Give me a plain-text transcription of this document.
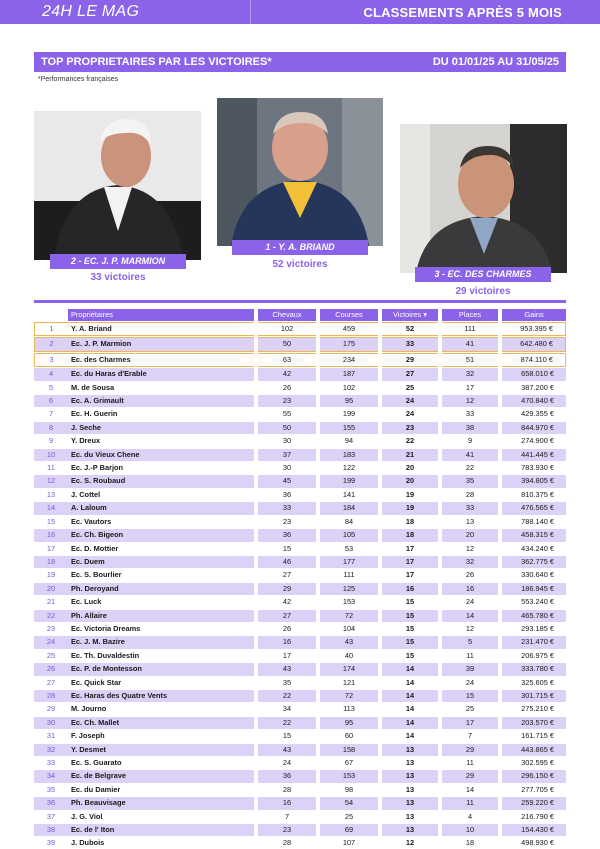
24H LE MAG	CLASSEMENTS APRÈS 5 MOIS
TOP PROPRIETAIRES PAR LES VICTOIRES*	DU 01/01/25 AU 31/05/25
*Performances françaises
2 - EC. J. P. MARMION
33 victoires
1 - Y. A. BRIAND
52 victoires
3 - EC. DES CHARMES
29 victoires
	Propriétaires		Chevaux		Courses		Victoires ▾		Places		Gains
1	Y. A. Briand		102		459		52		111		953.395 €
2	Ec. J. P. Marmion		50		175		33		41		642.480 €
3	Ec. des Charmes		63		234		29		51		874.110 €
4	Ec. du Haras d'Erable		42		187		27		32		658.010 €
5	M. de Sousa		26		102		25		17		387.200 €
6	Ec. A. Grimault		23		95		24		12		470.840 €
7	Ec. H. Guerin		55		199		24		33		429.355 €
8	J. Seche		50		155		23		38		844.970 €
9	Y. Dreux		30		94		22		9		274.900 €
10	Ec. du Vieux Chene		37		183		21		41		441.445 €
11	Ec. J.-P Barjon		30		122		20		22		783.930 €
12	Ec. S. Roubaud		45		199		20		35		394.805 €
13	J. Cottel		36		141		19		28		810.375 €
14	A. Laloum		33		184		19		33		476.565 €
15	Ec. Vautors		23		84		18		13		788.140 €
16	Ec. Ch. Bigeon		36		105		18		20		458.315 €
17	Ec. D. Mottier		15		53		17		12		434.240 €
18	Ec. Duem		46		177		17		32		362.775 €
19	Ec. S. Bourlier		27		111		17		26		330.640 €
20	Ph. Deroyand		29		125		16		16		186.945 €
21	Ec. Luck		42		153		15		24		553.240 €
22	Ph. Allaire		27		72		15		14		465.780 €
23	Ec. Victoria Dreams		26		104		15		12		293.185 €
24	Ec. J. M. Bazire		16		43		15		5		231.470 €
25	Ec. Th. Duvaldestin		17		40		15		11		206.975 €
26	Ec. P. de Montesson		43		174		14		39		333.780 €
27	Ec. Quick Star		35		121		14		24		325.605 €
28	Ec. Haras des Quatre Vents		22		72		14		15		301.715 €
29	M. Journo		34		113		14		25		275.210 €
30	Ec. Ch. Mallet		22		95		14		17		203.570 €
31	F. Joseph		15		60		14		7		161.715 €
32	Y. Desmet		43		158		13		29		443.865 €
33	Ec. S. Guarato		24		67		13		11		302.595 €
34	Ec. de Belgrave		36		153		13		29		296.150 €
35	Ec. du Damier		28		98		13		14		277.705 €
36	Ph. Beauvisage		16		54		13		11		259.220 €
37	J. G. Viol		7		25		13		4		216.790 €
38	Ec. de l' Iton		23		69		13		10		154.430 €
39	J. Dubois		28		107		12		18		498.930 €
